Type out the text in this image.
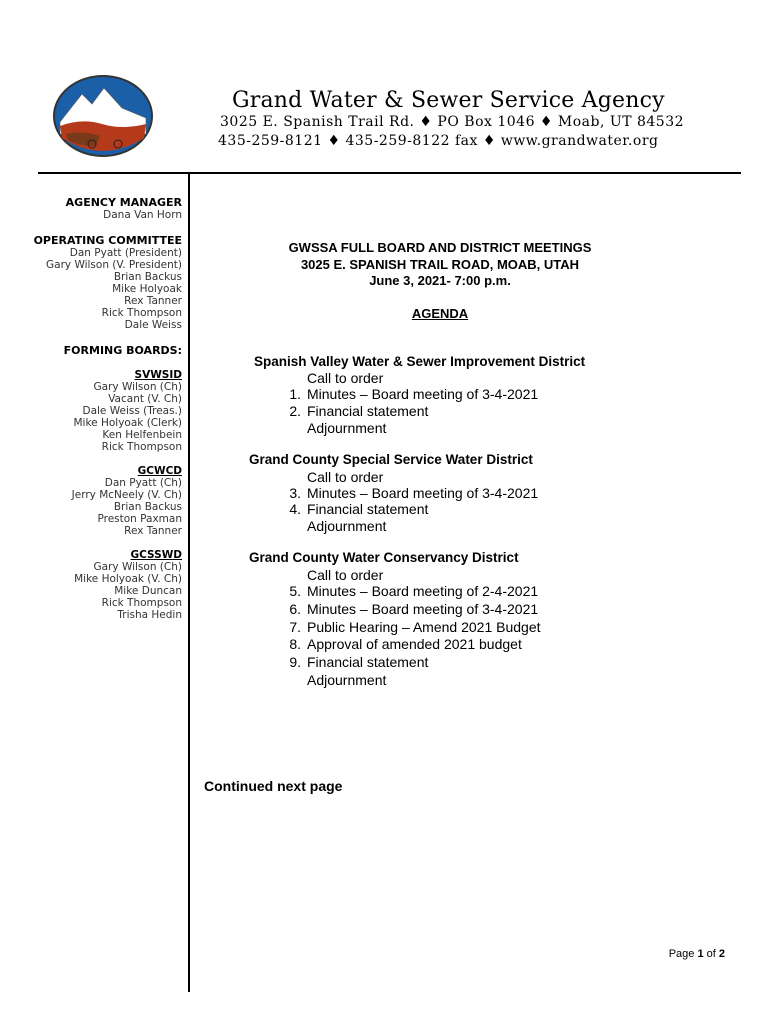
Grand Water & Sewer Service Agency
3025 E. Spanish Trail Rd. ♦ PO Box 1046 ♦ Moab, UT 84532
435-259-8121 ♦ 435-259-8122 fax ♦ www.grandwater.org
AGENCY MANAGER
Dana Van Horn
OPERATING COMMITTEE
Dan Pyatt (President)
Gary Wilson (V. President)
Brian Backus
Mike Holyoak
Rex Tanner
Rick Thompson
Dale Weiss
FORMING BOARDS:
SVWSID
Gary Wilson (Ch)
Vacant (V. Ch)
Dale Weiss (Treas.)
Mike Holyoak (Clerk)
Ken Helfenbein
Rick Thompson
GCWCD
Dan Pyatt (Ch)
Jerry McNeely (V. Ch)
Brian Backus
Preston Paxman
Rex Tanner
GCSSWD
Gary Wilson (Ch)
Mike Holyoak (V. Ch)
Mike Duncan
Rick Thompson
Trisha Hedin
GWSSA FULL BOARD AND DISTRICT MEETINGS
3025 E. SPANISH TRAIL ROAD, MOAB, UTAH
June 3, 2021- 7:00 p.m.
AGENDA
Spanish Valley Water & Sewer Improvement District
Call to order
1. Minutes – Board meeting of 3-4-2021
2. Financial statement
Adjournment
Grand County Special Service Water District
Call to order
3. Minutes – Board meeting of 3-4-2021
4. Financial statement
Adjournment
Grand County Water Conservancy District
Call to order
5. Minutes – Board meeting of 2-4-2021
6. Minutes – Board meeting of 3-4-2021
7. Public Hearing – Amend 2021 Budget
8. Approval of amended 2021 budget
9. Financial statement
Adjournment
Continued next page
Page 1 of 2
